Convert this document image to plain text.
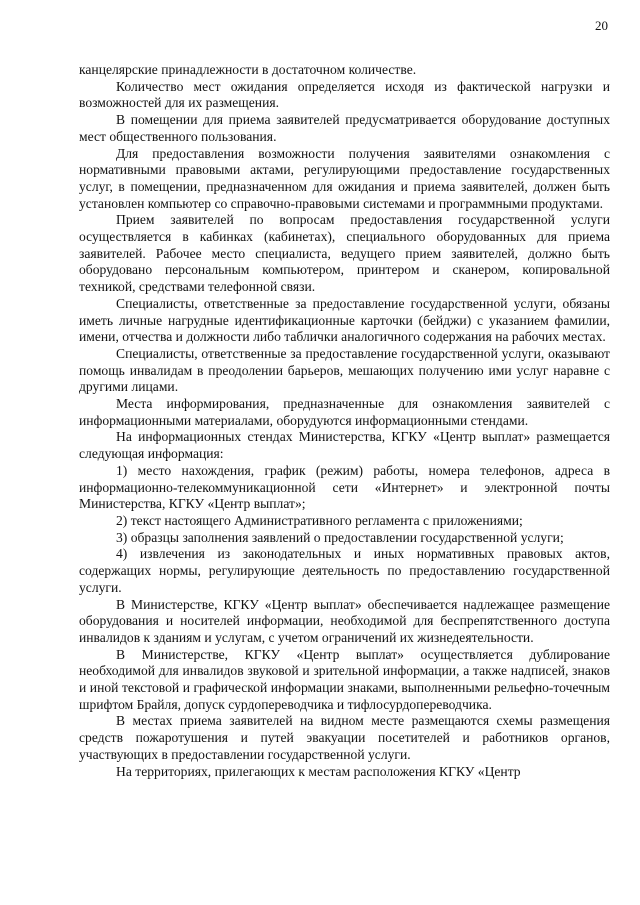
20

канцелярские принадлежности в достаточном количестве.

Количество мест ожидания определяется исходя из фактической нагрузки и возможностей для их размещения.

В помещении для приема заявителей предусматривается оборудование доступных мест общественного пользования.

Для предоставления возможности получения заявителями ознакомления с нормативными правовыми актами, регулирующими предоставление государственных услуг, в помещении, предназначенном для ожидания и приема заявителей, должен быть установлен компьютер со справочно-правовыми системами и программными продуктами.

Прием заявителей по вопросам предоставления государственной услуги осуществляется в кабинках (кабинетах), специального оборудованных для приема заявителей. Рабочее место специалиста, ведущего прием заявителей, должно быть оборудовано персональным компьютером, принтером и сканером, копировальной техникой, средствами телефонной связи.

Специалисты, ответственные за предоставление государственной услуги, обязаны иметь личные нагрудные идентификационные карточки (бейджи) с указанием фамилии, имени, отчества и должности либо таблички аналогичного содержания на рабочих местах.

Специалисты, ответственные за предоставление государственной услуги, оказывают помощь инвалидам в преодолении барьеров, мешающих получению ими услуг наравне с другими лицами.

Места информирования, предназначенные для ознакомления заявителей с информационными материалами, оборудуются информационными стендами.

На информационных стендах Министерства, КГКУ «Центр выплат» размещается следующая информация:

1) место нахождения, график (режим) работы, номера телефонов, адреса в информационно-телекоммуникационной сети «Интернет» и электронной почты Министерства, КГКУ «Центр выплат»;

2) текст настоящего Административного регламента с приложениями;

3) образцы заполнения заявлений о предоставлении государственной услуги;

4) извлечения из законодательных и иных нормативных правовых актов, содержащих нормы, регулирующие деятельность по предоставлению государственной услуги.

В Министерстве, КГКУ «Центр выплат» обеспечивается надлежащее размещение оборудования и носителей информации, необходимой для беспрепятственного доступа инвалидов к зданиям и услугам, с учетом ограничений их жизнедеятельности.

В Министерстве, КГКУ «Центр выплат» осуществляется дублирование необходимой для инвалидов звуковой и зрительной информации, а также надписей, знаков и иной текстовой и графической информации знаками, выполненными рельефно-точечным шрифтом Брайля, допуск сурдопереводчика и тифлосурдопереводчика.

В местах приема заявителей на видном месте размещаются схемы размещения средств пожаротушения и путей эвакуации посетителей и работников органов, участвующих в предоставлении государственной услуги.

На территориях, прилегающих к местам расположения КГКУ «Центр
